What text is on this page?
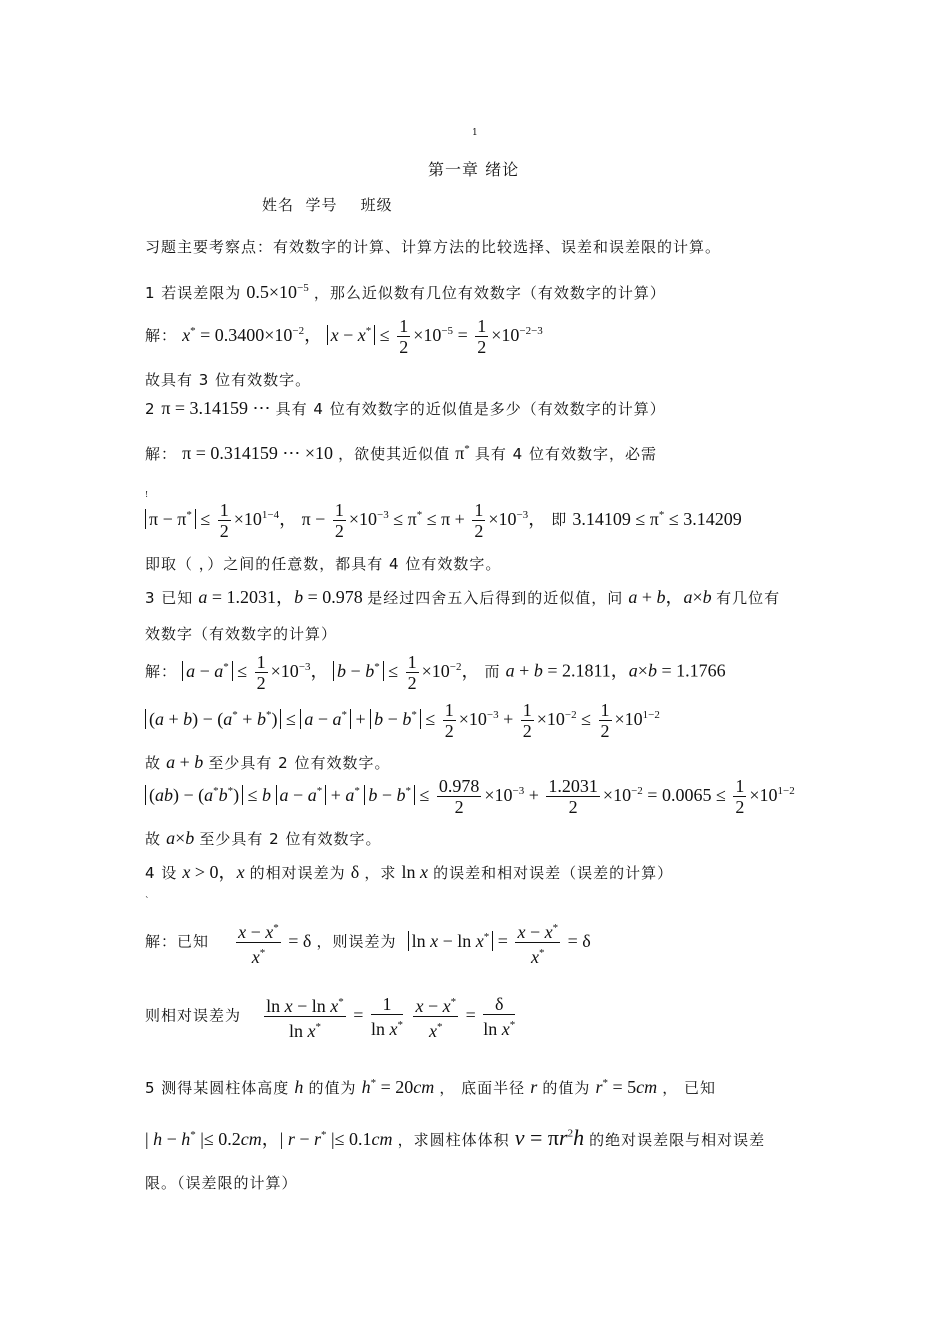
1
第一章 绪论
姓名  学号    班级
习题主要考察点：有效数字的计算、计算方法的比较选择、误差和误差限的计算。
1 若误差限为 $0.5\times 10^{-5}$ ，那么近似数有几位有效数字（有效数字的计算）
解： $x^* = 0.3400\times 10^{-2}$， $x - x^* \le \frac{1}{2} \times 10^{-5} = \frac{1}{2} \times 10^{-2-3}$
故具有 3 位有效数字。
2 π = 3.14159 ⋯ 具有 4 位有效数字的近似值是多少（有效数字的计算）
解： π = 0.314159 ⋯ ×10 ，欲使其近似值 π* 具有 4 位有效数字，必需
!
$\pi - \pi^* \le \frac{1}{2} \times 10^{1-4}$， $\pi - \frac{1}{2} \times 10^{-3} \le \pi^* \le \pi + \frac{1}{2} \times 10^{-3}$， 即 3.14109 ≤ π* ≤ 3.14209
即取（ ，）之间的任意数，都具有 4 位有效数字。
3 已知 a = 1.2031，b = 0.978 是经过四舍五入后得到的近似值，问 a + b，a×b 有几位有
效数字（有效数字的计算）
解： $a - a^* \le \frac{1}{2} \times 10^{-3}$， $b - b^* \le \frac{1}{2} \times 10^{-2}$， 而 a + b = 2.1811，a×b = 1.1766
$(a + b) - (a^* + b^*) \le a - a^* + b - b^* \le \frac{1}{2} \times 10^{-3} + \frac{1}{2} \times 10^{-2} \le \frac{1}{2} \times 10^{1-2}$
故 a + b 至少具有 2 位有效数字。
(ab) − (a*b*) ≤ b a − a* + a* $b - b^* \le \frac{0.978}{2} \times 10^{-3} + \frac{1.2031}{2} \times 10^{-2} = 0.0065 \le \frac{1}{2} \times 10^{1-2}$
故 a×b 至少具有 2 位有效数字。
4 设 x > 0，x 的相对误差为 δ ，求 ln x 的误差和相对误差（误差的计算）
`
解：已知 $\frac{x - x^*}{x^*} = \delta$ ，则误差为 $\ln x - \ln x^* = \frac{x - x^*}{x^*} = \delta$
则相对误差为 $\frac{\ln x - \ln x^*}{\ln x^*} = \frac{1}{\ln x^*}$
$\frac{x - x^*}{x^*} = \frac{\delta}{\ln x^*}$
5 测得某圆柱体高度 h 的值为 h* = 20cm ， 底面半径 r 的值为 r* = 5cm ， 已知
| h − h* |≤ 0.2cm，| r − r* |≤ 0.1cm ，求圆柱体体积 $v = \pi r^2h$ 的绝对误差限与相对误差
限。（误差限的计算）
